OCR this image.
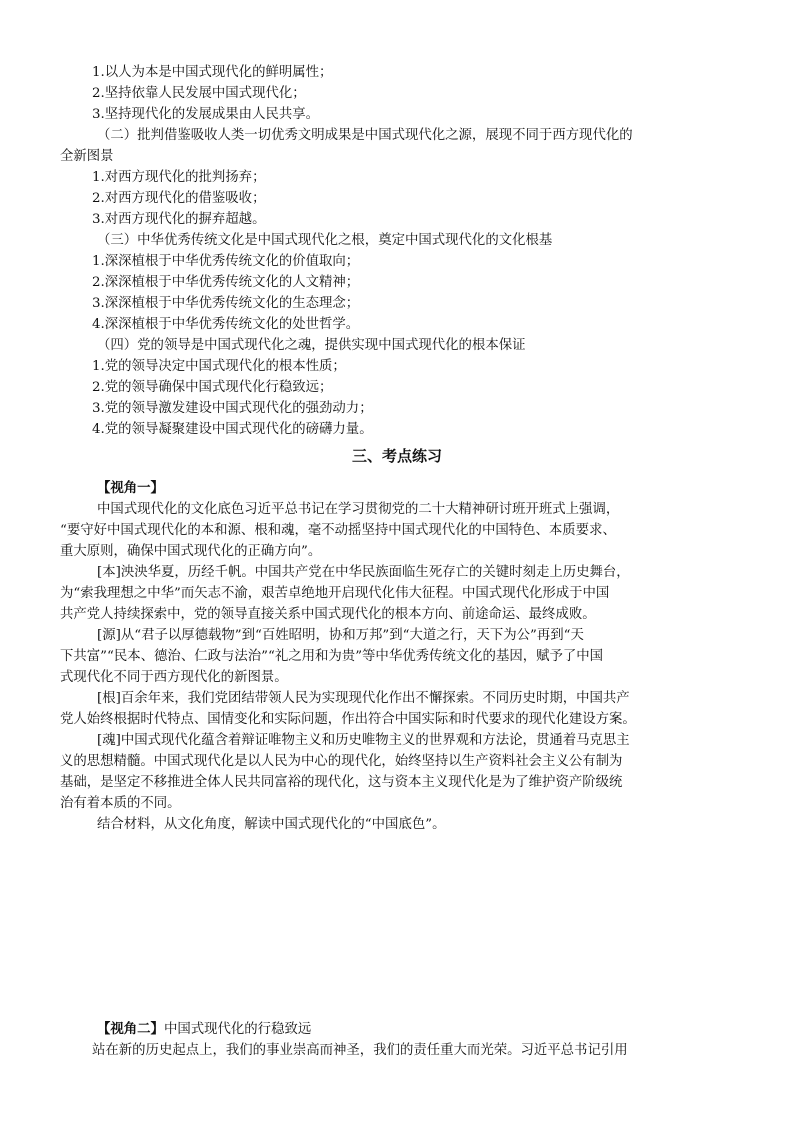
1.以人为本是中国式现代化的鲜明属性；
2.坚持依靠人民发展中国式现代化；
3.坚持现代化的发展成果由人民共享。
（二）批判借鉴吸收人类一切优秀文明成果是中国式现代化之源，展现不同于西方现代化的
全新图景
1.对西方现代化的批判扬弃；
2.对西方现代化的借鉴吸收；
3.对西方现代化的摒弃超越。
（三）中华优秀传统文化是中国式现代化之根，奠定中国式现代化的文化根基
1.深深植根于中华优秀传统文化的价值取向；
2.深深植根于中华优秀传统文化的人文精神；
3.深深植根于中华优秀传统文化的生态理念；
4.深深植根于中华优秀传统文化的处世哲学。
（四）党的领导是中国式现代化之魂，提供实现中国式现代化的根本保证
1.党的领导决定中国式现代化的根本性质；
2.党的领导确保中国式现代化行稳致远；
3.党的领导激发建设中国式现代化的强劲动力；
4.党的领导凝聚建设中国式现代化的磅礴力量。
三、考点练习
【视角一】
中国式现代化的文化底色习近平总书记在学习贯彻党的二十大精神研讨班开班式上强调，
“要守好中国式现代化的本和源、根和魂，毫不动摇坚持中国式现代化的中国特色、本质要求、
重大原则，确保中国式现代化的正确方向”。
[本]泱泱华夏，历经千帆。中国共产党在中华民族面临生死存亡的关键时刻走上历史舞台，
为“索我理想之中华”而矢志不渝，艰苦卓绝地开启现代化伟大征程。中国式现代化形成于中国
共产党人持续探索中，党的领导直接关系中国式现代化的根本方向、前途命运、最终成败。
[源]从“君子以厚德载物”到“百姓昭明，协和万邦”到“大道之行，天下为公”再到“天
下共富”“民本、德治、仁政与法治”“礼之用和为贵”等中华优秀传统文化的基因，赋予了中国
式现代化不同于西方现代化的新图景。
[根]百余年来，我们党团结带领人民为实现现代化作出不懈探索。不同历史时期，中国共产
党人始终根据时代特点、国情变化和实际问题，作出符合中国实际和时代要求的现代化建设方案。
[魂]中国式现代化蕴含着辩证唯物主义和历史唯物主义的世界观和方法论，贯通着马克思主
义的思想精髓。中国式现代化是以人民为中心的现代化，始终坚持以生产资料社会主义公有制为
基础，是坚定不移推进全体人民共同富裕的现代化，这与资本主义现代化是为了维护资产阶级统
治有着本质的不同。
结合材料，从文化角度，解读中国式现代化的“中国底色”。
【视角二】中国式现代化的行稳致远
站在新的历史起点上，我们的事业崇高而神圣，我们的责任重大而光荣。习近平总书记引用
